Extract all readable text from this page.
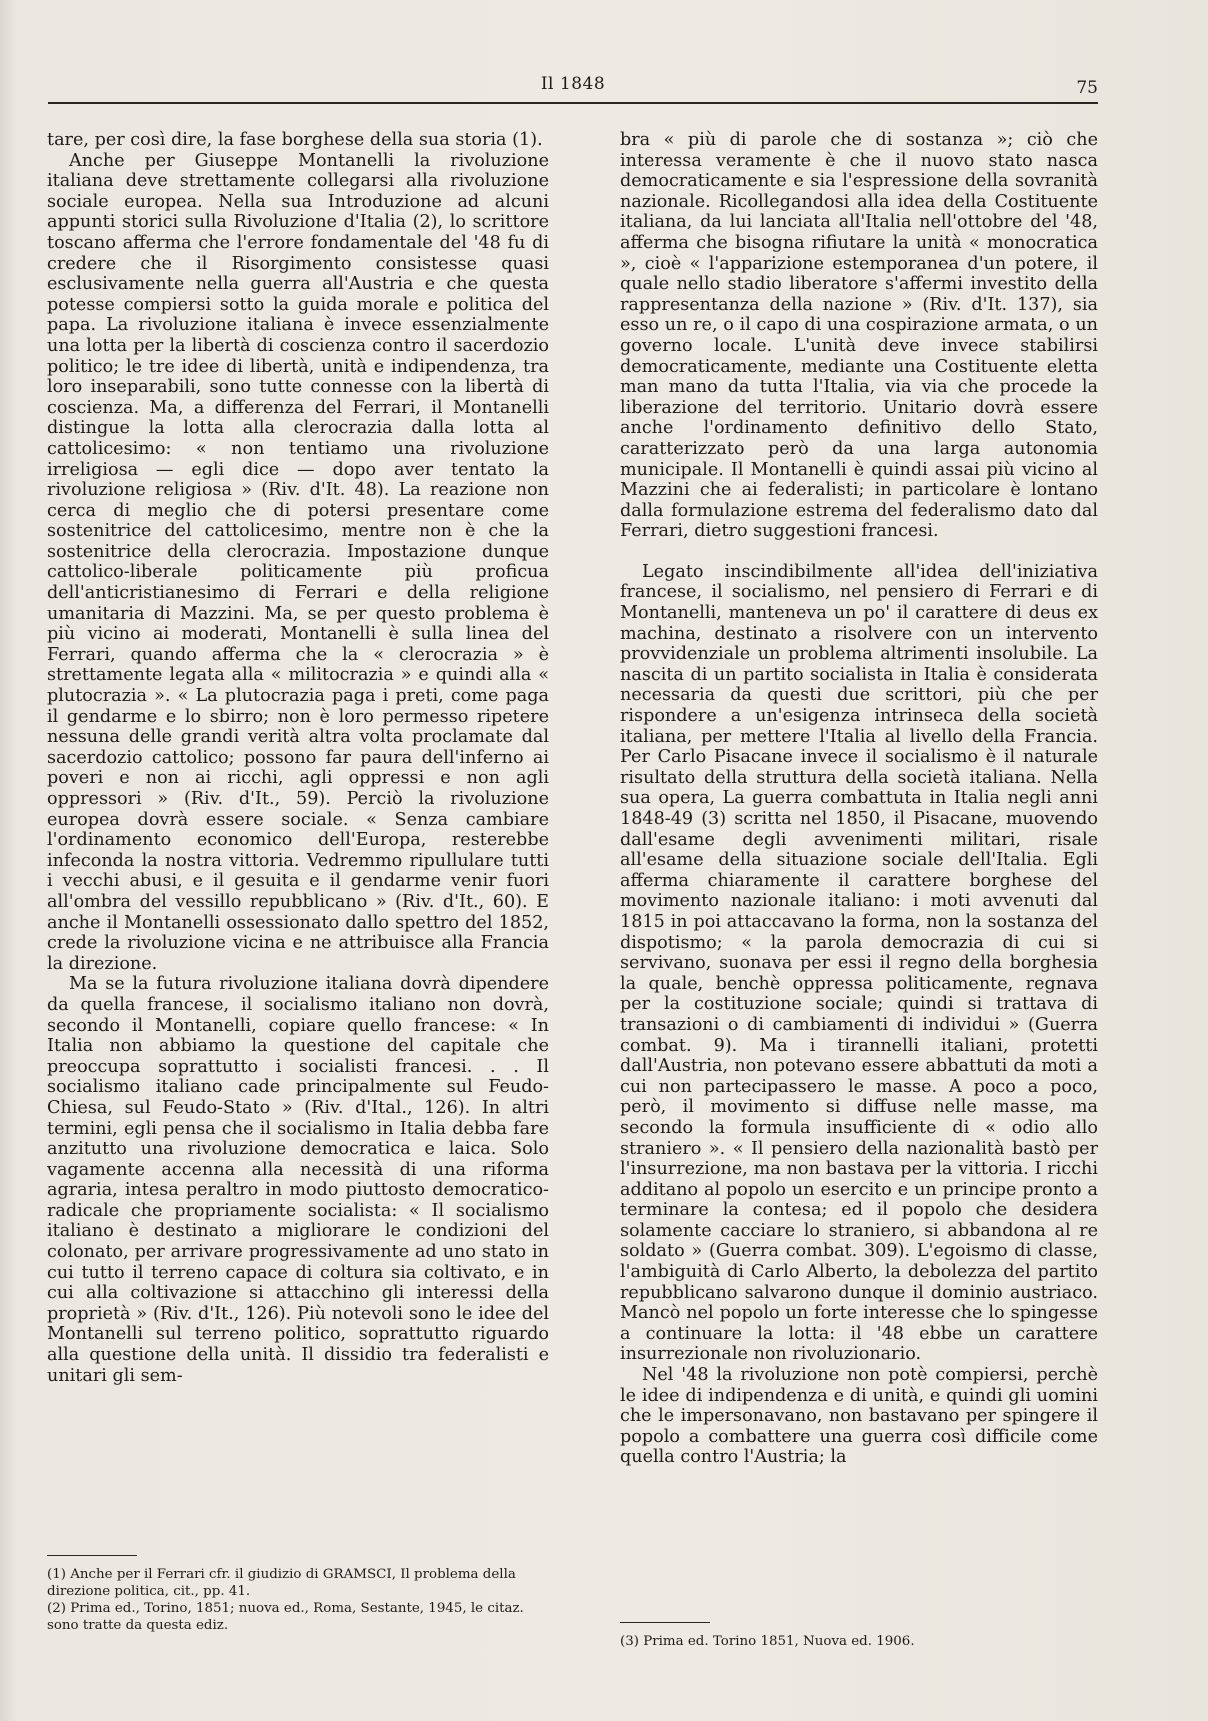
Il 1848	75

tare, per così dire, la fase borghese della sua storia (1).

Anche per Giuseppe Montanelli la rivoluzione italiana deve strettamente collegarsi alla rivoluzione sociale europea. Nella sua Introduzione ad alcuni appunti storici sulla Rivoluzione d'Italia (2), lo scrittore toscano afferma che l'errore fondamentale del '48 fu di credere che il Risorgimento consistesse quasi esclusivamente nella guerra all'Austria e che questa potesse compiersi sotto la guida morale e politica del papa. La rivoluzione italiana è invece essenzialmente una lotta per la libertà di coscienza contro il sacerdozio politico; le tre idee di libertà, unità e indipendenza, tra loro inseparabili, sono tutte connesse con la libertà di coscienza. Ma, a differenza del Ferrari, il Montanelli distingue la lotta alla clerocrazia dalla lotta al cattolicesimo: « non tentiamo una rivoluzione irreligiosa — egli dice — dopo aver tentato la rivoluzione religiosa » (Riv. d'It. 48). La reazione non cerca di meglio che di potersi presentare come sostenitrice del cattolicesimo, mentre non è che la sostenitrice della clerocrazia. Impostazione dunque cattolico-liberale politicamente più proficua dell'anticristianesimo di Ferrari e della religione umanitaria di Mazzini. Ma, se per questo problema è più vicino ai moderati, Montanelli è sulla linea del Ferrari, quando afferma che la « clerocrazia » è strettamente legata alla « militocrazia » e quindi alla « plutocrazia ». « La plutocrazia paga i preti, come paga il gendarme e lo sbirro; non è loro permesso ripetere nessuna delle grandi verità altra volta proclamate dal sacerdozio cattolico; possono far paura dell'inferno ai poveri e non ai ricchi, agli oppressi e non agli oppressori » (Riv. d'It., 59). Perciò la rivoluzione europea dovrà essere sociale. « Senza cambiare l'ordinamento economico dell'Europa, resterebbe infeconda la nostra vittoria. Vedremmo ripullulare tutti i vecchi abusi, e il gesuita e il gendarme venir fuori all'ombra del vessillo repubblicano » (Riv. d'It., 60). E anche il Montanelli ossessionato dallo spettro del 1852, crede la rivoluzione vicina e ne attribuisce alla Francia la direzione.

Ma se la futura rivoluzione italiana dovrà dipendere da quella francese, il socialismo italiano non dovrà, secondo il Montanelli, copiare quello francese: « In Italia non abbiamo la questione del capitale che preoccupa soprattutto i socialisti francesi. . . Il socialismo italiano cade principalmente sul Feudo-Chiesa, sul Feudo-Stato » (Riv. d'Ital., 126). In altri termini, egli pensa che il socialismo in Italia debba fare anzitutto una rivoluzione democratica e laica. Solo vagamente accenna alla necessità di una riforma agraria, intesa peraltro in modo piuttosto democratico-radicale che propriamente socialista: « Il socialismo italiano è destinato a migliorare le condizioni del colonato, per arrivare progressivamente ad uno stato in cui tutto il terreno capace di coltura sia coltivato, e in cui alla coltivazione si attacchino gli interessi della proprietà » (Riv. d'It., 126). Più notevoli sono le idee del Montanelli sul terreno politico, soprattutto riguardo alla questione della unità. Il dissidio tra federalisti e unitari gli sem-

(1) Anche per il Ferrari cfr. il giudizio di GRAMSCI, Il problema della direzione politica, cit., pp. 41.
(2) Prima ed., Torino, 1851; nuova ed., Roma, Sestante, 1945, le citaz. sono tratte da questa ediz.

bra « più di parole che di sostanza »; ciò che interessa veramente è che il nuovo stato nasca democraticamente e sia l'espressione della sovranità nazionale. Ricollegandosi alla idea della Costituente italiana, da lui lanciata all'Italia nell'ottobre del '48, afferma che bisogna rifiutare la unità « monocratica », cioè « l'apparizione estemporanea d'un potere, il quale nello stadio liberatore s'affermi investito della rappresentanza della nazione » (Riv. d'It. 137), sia esso un re, o il capo di una cospirazione armata, o un governo locale. L'unità deve invece stabilirsi democraticamente, mediante una Costituente eletta man mano da tutta l'Italia, via via che procede la liberazione del territorio. Unitario dovrà essere anche l'ordinamento definitivo dello Stato, caratterizzato però da una larga autonomia municipale. Il Montanelli è quindi assai più vicino al Mazzini che ai federalisti; in particolare è lontano dalla formulazione estrema del federalismo dato dal Ferrari, dietro suggestioni francesi.

Legato inscindibilmente all'idea dell'iniziativa francese, il socialismo, nel pensiero di Ferrari e di Montanelli, manteneva un po' il carattere di deus ex machina, destinato a risolvere con un intervento provvidenziale un problema altrimenti insolubile. La nascita di un partito socialista in Italia è considerata necessaria da questi due scrittori, più che per rispondere a un'esigenza intrinseca della società italiana, per mettere l'Italia al livello della Francia. Per Carlo Pisacane invece il socialismo è il naturale risultato della struttura della società italiana. Nella sua opera, La guerra combattuta in Italia negli anni 1848-49 (3) scritta nel 1850, il Pisacane, muovendo dall'esame degli avvenimenti militari, risale all'esame della situazione sociale dell'Italia. Egli afferma chiaramente il carattere borghese del movimento nazionale italiano: i moti avvenuti dal 1815 in poi attaccavano la forma, non la sostanza del dispotismo; « la parola democrazia di cui si servivano, suonava per essi il regno della borghesia la quale, benchè oppressa politicamente, regnava per la costituzione sociale; quindi si trattava di transazioni o di cambiamenti di individui » (Guerra combat. 9). Ma i tirannelli italiani, protetti dall'Austria, non potevano essere abbattuti da moti a cui non partecipassero le masse. A poco a poco, però, il movimento si diffuse nelle masse, ma secondo la formula insufficiente di « odio allo straniero ». « Il pensiero della nazionalità bastò per l'insurrezione, ma non bastava per la vittoria. I ricchi additano al popolo un esercito e un principe pronto a terminare la contesa; ed il popolo che desidera solamente cacciare lo straniero, si abbandona al re soldato » (Guerra combat. 309). L'egoismo di classe, l'ambiguità di Carlo Alberto, la debolezza del partito repubblicano salvarono dunque il dominio austriaco. Mancò nel popolo un forte interesse che lo spingesse a continuare la lotta: il '48 ebbe un carattere insurrezionale non rivoluzionario.

Nel '48 la rivoluzione non potè compiersi, perchè le idee di indipendenza e di unità, e quindi gli uomini che le impersonavano, non bastavano per spingere il popolo a combattere una guerra così difficile come quella contro l'Austria; la

(3) Prima ed. Torino 1851, Nuova ed. 1906.
